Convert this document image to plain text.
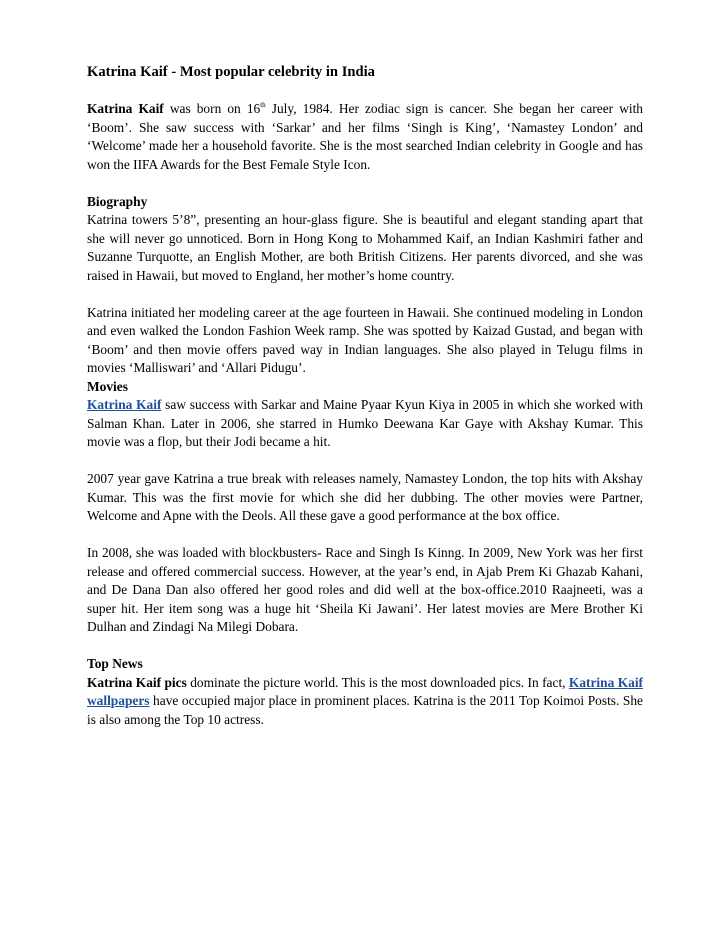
Katrina Kaif - Most popular celebrity in India

Katrina Kaif was born on 16th July, 1984. Her zodiac sign is cancer. She began her career with ‘Boom’. She saw success with ‘Sarkar’ and her films ‘Singh is King’, ‘Namastey London’ and ‘Welcome’ made her a household favorite. She is the most searched Indian celebrity in Google and has won the IIFA Awards for the Best Female Style Icon.

Biography

Katrina towers 5’8”, presenting an hour-glass figure. She is beautiful and elegant standing apart that she will never go unnoticed. Born in Hong Kong to Mohammed Kaif, an Indian Kashmiri father and Suzanne Turquotte, an English Mother, are both British Citizens. Her parents divorced, and she was raised in Hawaii, but moved to England, her mother’s home country.

Katrina initiated her modeling career at the age fourteen in Hawaii. She continued modeling in London and even walked the London Fashion Week ramp. She was spotted by Kaizad Gustad, and began with ‘Boom’ and then movie offers paved way in Indian languages. She also played in Telugu films in movies ‘Malliswari’ and ‘Allari Pidugu’.

Movies

Katrina Kaif saw success with Sarkar and Maine Pyaar Kyun Kiya in 2005 in which she worked with Salman Khan. Later in 2006, she starred in Humko Deewana Kar Gaye with Akshay Kumar. This movie was a flop, but their Jodi became a hit.

2007 year gave Katrina a true break with releases namely, Namastey London, the top hits with Akshay Kumar. This was the first movie for which she did her dubbing. The other movies were Partner, Welcome and Apne with the Deols. All these gave a good performance at the box office.

In 2008, she was loaded with blockbusters- Race and Singh Is Kinng. In 2009, New York was her first release and offered commercial success. However, at the year’s end, in Ajab Prem Ki Ghazab Kahani, and De Dana Dan also offered her good roles and did well at the box-office.2010 Raajneeti, was a super hit. Her item song was a huge hit ‘Sheila Ki Jawani’. Her latest movies are Mere Brother Ki Dulhan and Zindagi Na Milegi Dobara.

Top News

Katrina Kaif pics dominate the picture world. This is the most downloaded pics. In fact, Katrina Kaif wallpapers have occupied major place in prominent places. Katrina is the 2011 Top Koimoi Posts. She is also among the Top 10 actress.
